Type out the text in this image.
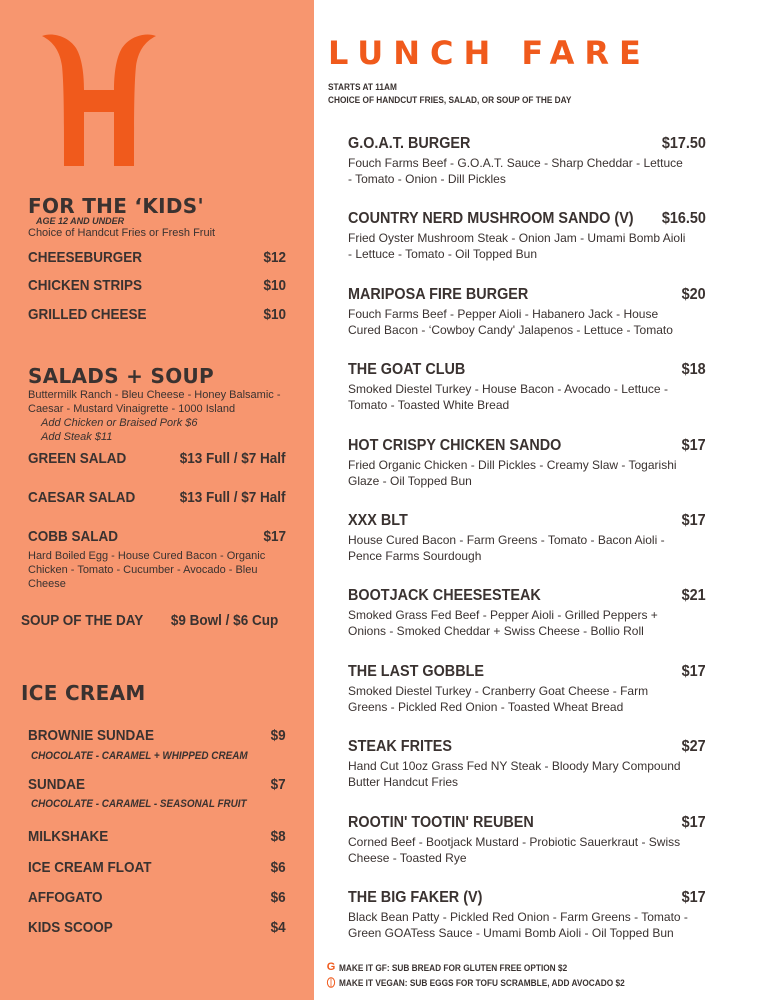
FOR THE ‘KIDS'
AGE 12 AND UNDER
Choice of Handcut Fries or Fresh Fruit
CHEESEBURGER	$12
CHICKEN STRIPS	$10
GRILLED CHEESE	$10
SALADS + SOUP
Buttermilk Ranch - Bleu Cheese - Honey Balsamic - Caesar - Mustard Vinaigrette - 1000 Island
Add Chicken or Braised Pork $6
Add Steak $11
GREEN SALAD	$13 Full / $7 Half
CAESAR SALAD	$13 Full / $7 Half
COBB SALAD	$17
Hard Boiled Egg - House Cured Bacon - Organic Chicken - Tomato - Cucumber - Avocado - Bleu Cheese
SOUP OF THE DAY $9 Bowl / $6 Cup
ICE CREAM
BROWNIE SUNDAE	$9
CHOCOLATE - CARAMEL + WHIPPED CREAM
SUNDAE	$7
CHOCOLATE - CARAMEL - SEASONAL FRUIT
MILKSHAKE	$8
ICE CREAM FLOAT	$6
AFFOGATO	$6
KIDS SCOOP	$4
LUNCH FARE
STARTS AT 11AM
CHOICE OF HANDCUT FRIES, SALAD, OR SOUP OF THE DAY
G.O.A.T. BURGER	$17.50
Fouch Farms Beef - G.O.A.T. Sauce - Sharp Cheddar - Lettuce - Tomato - Onion - Dill Pickles
COUNTRY NERD MUSHROOM SANDO (V) $16.50
Fried Oyster Mushroom Steak - Onion Jam - Umami Bomb Aioli - Lettuce - Tomato - Oil Topped Bun
MARIPOSA FIRE BURGER	$20
Fouch Farms Beef - Pepper Aioli - Habanero Jack - House Cured Bacon - ‘Cowboy Candy' Jalapenos - Lettuce - Tomato
THE GOAT CLUB	$18
Smoked Diestel Turkey - House Bacon - Avocado - Lettuce - Tomato - Toasted White Bread
HOT CRISPY CHICKEN SANDO	$17
Fried Organic Chicken - Dill Pickles - Creamy Slaw - Togarishi Glaze - Oil Topped Bun
XXX BLT	$17
House Cured Bacon - Farm Greens - Tomato - Bacon Aioli - Pence Farms Sourdough
BOOTJACK CHEESESTEAK	$21
Smoked Grass Fed Beef - Pepper Aioli - Grilled Peppers + Onions - Smoked Cheddar + Swiss Cheese - Bollio Roll
THE LAST GOBBLE	$17
Smoked Diestel Turkey - Cranberry Goat Cheese - Farm Greens - Pickled Red Onion - Toasted Wheat Bread
STEAK FRITES	$27
Hand Cut 10oz Grass Fed NY Steak - Bloody Mary Compound Butter Handcut Fries
ROOTIN' TOOTIN' REUBEN	$17
Corned Beef - Bootjack Mustard - Probiotic Sauerkraut - Swiss Cheese - Toasted Rye
THE BIG FAKER (V)	$17
Black Bean Patty - Pickled Red Onion - Farm Greens - Tomato - Green GOATess Sauce - Umami Bomb Aioli - Oil Topped Bun
G MAKE IT GF: SUB BREAD FOR GLUTEN FREE OPTION $2
MAKE IT VEGAN: SUB EGGS FOR TOFU SCRAMBLE, ADD AVOCADO $2
